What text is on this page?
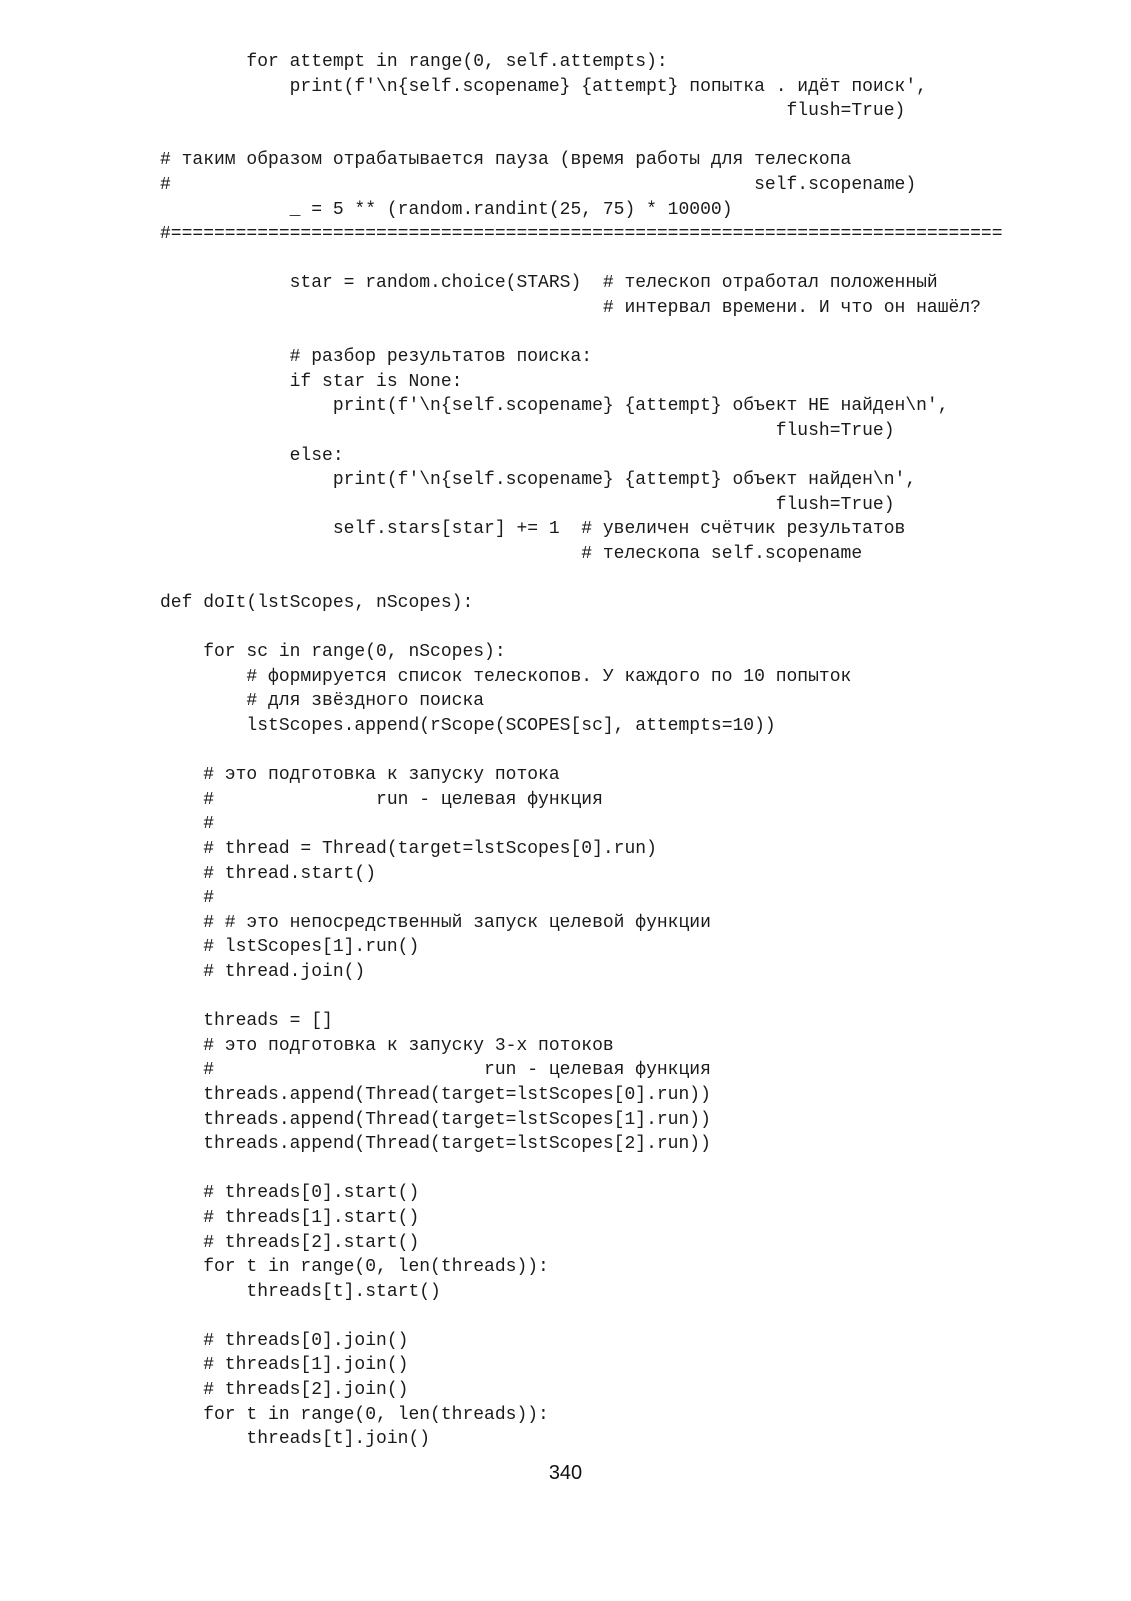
for attempt in range(0, self.attempts):
print(f'\n{self.scopename} {attempt} попытка . идёт поиск',
flush=True)
# таким образом отрабатывается пауза (время работы для телескопа
#                                                      self.scopename)
_ = 5 ** (random.randint(25, 75) * 10000)
#=============================================================================
star = random.choice(STARS)  # телескоп отработал положенный
# интервал времени. И что он нашёл?
# разбор результатов поиска:
if star is None:
print(f'\n{self.scopename} {attempt} объект НЕ найден\n',
flush=True)
else:
print(f'\n{self.scopename} {attempt} объект найден\n',
flush=True)
self.stars[star] += 1  # увеличен счётчик результатов
# телескопа self.scopename
def doIt(lstScopes, nScopes):
for sc in range(0, nScopes):
# формируется список телескопов. У каждого по 10 попыток
# для звёздного поиска
lstScopes.append(rScope(SCOPES[sc], attempts=10))
# это подготовка к запуску потока
#               run - целевая функция
#
# thread = Thread(target=lstScopes[0].run)
# thread.start()
#
# # это непосредственный запуск целевой функции
# lstScopes[1].run()
# thread.join()
threads = []
# это подготовка к запуску 3-х потоков
#                         run - целевая функция
threads.append(Thread(target=lstScopes[0].run))
threads.append(Thread(target=lstScopes[1].run))
threads.append(Thread(target=lstScopes[2].run))
# threads[0].start()
# threads[1].start()
# threads[2].start()
for t in range(0, len(threads)):
threads[t].start()
# threads[0].join()
# threads[1].join()
# threads[2].join()
for t in range(0, len(threads)):
threads[t].join()
340
